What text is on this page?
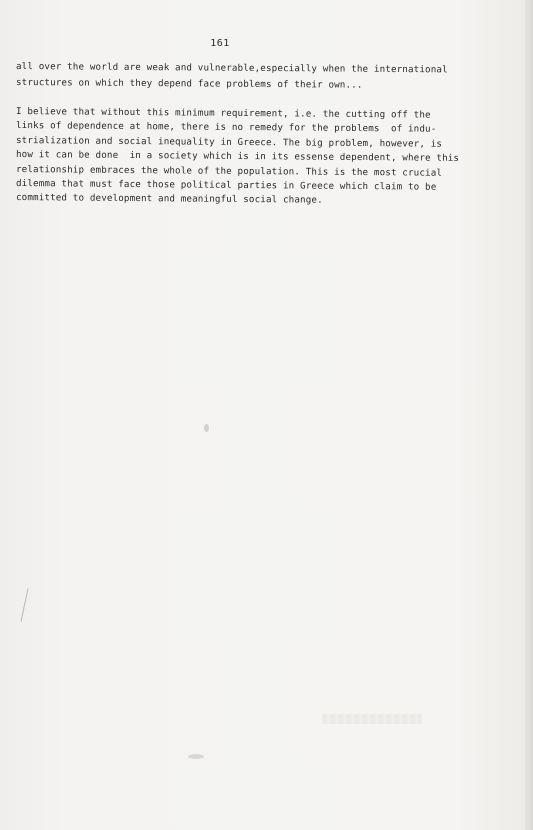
161
all over the world are weak and vulnerable,especially when the international
structures on which they depend face problems of their own...
I believe that without this minimum requirement, i.e. the cutting off the
links of dependence at home, there is no remedy for the problems  of indu-
strialization and social inequality in Greece. The big problem, however, is
how it can be done  in a society which is in its essense dependent, where this
relationship embraces the whole of the population. This is the most crucial
dilemma that must face those political parties in Greece which claim to be
committed to development and meaningful social change.
